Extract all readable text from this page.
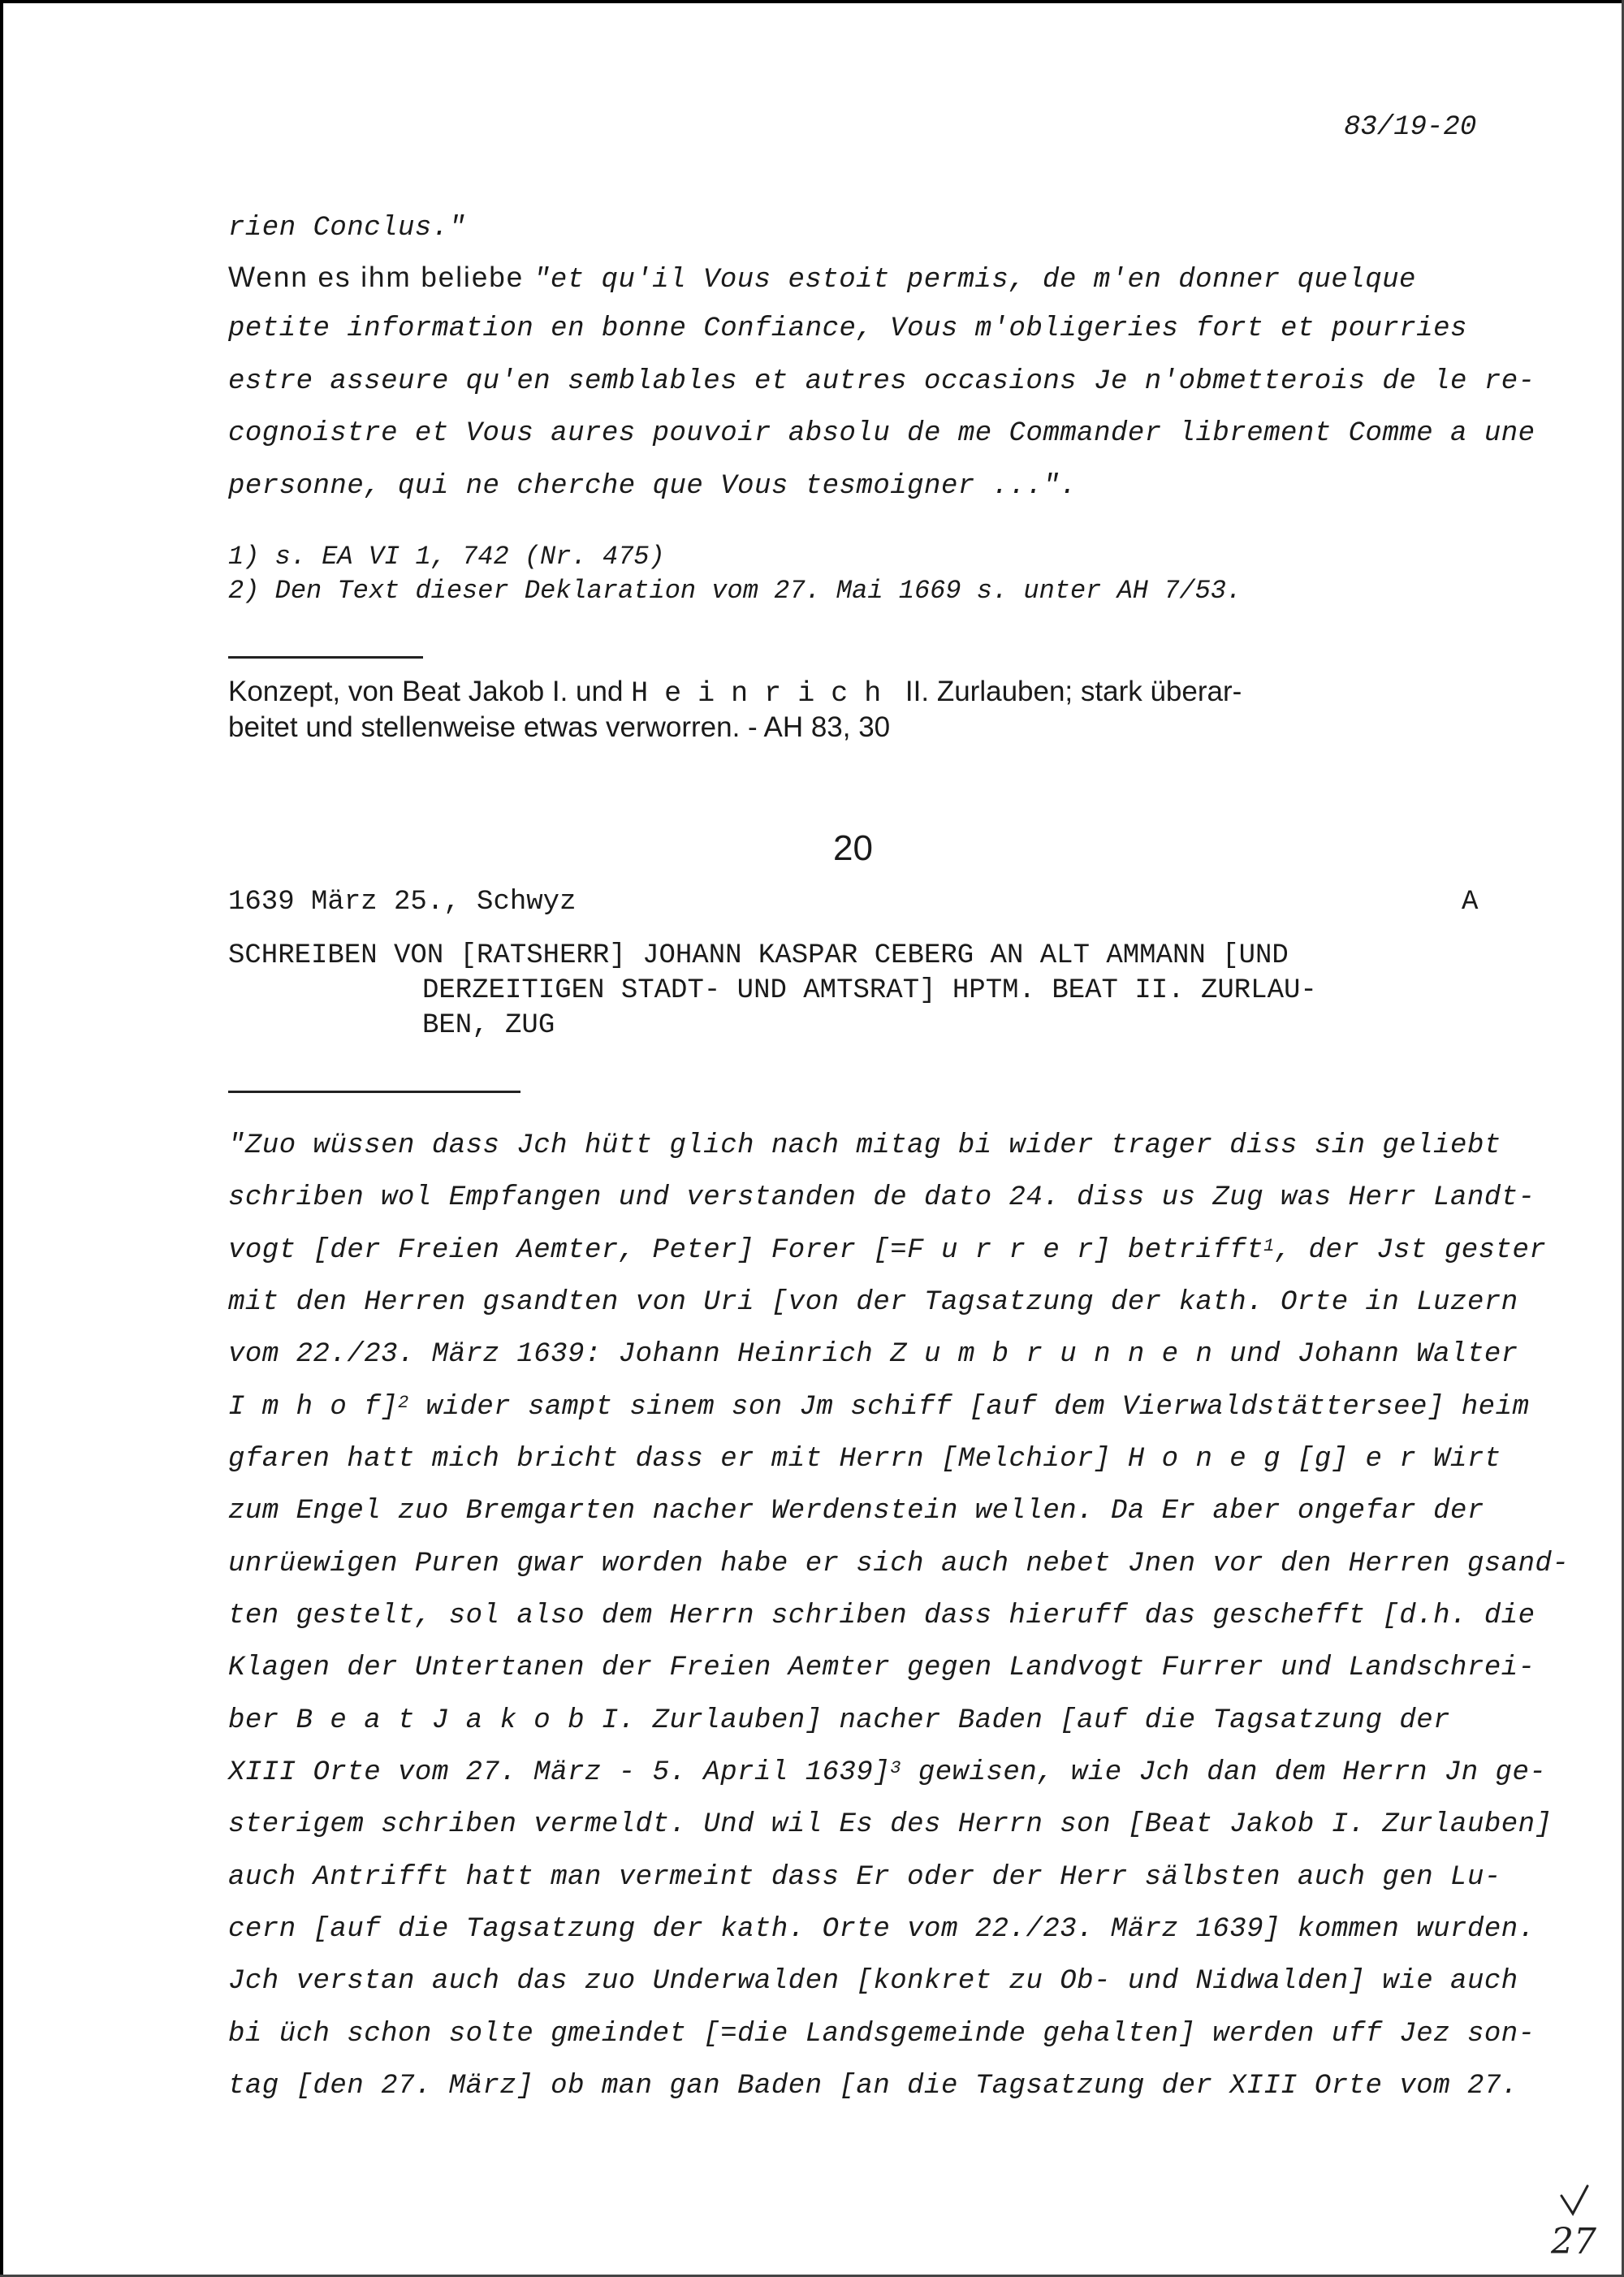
83/19-20
rien Conclus."
Wenn es ihm beliebe "et qu'il Vous estoit permis, de m'en donner quelque
petite information en bonne Confiance, Vous m'obligeries fort et pourries
estre asseure qu'en semblables et autres occasions Je n'obmetterois de le re-
cognoistre et Vous aures pouvoir absolu de me Commander librement Comme a une
personne, qui ne cherche que Vous tesmoigner ...".
1) s. EA VI 1, 742 (Nr. 475)
2) Den Text dieser Deklaration vom 27. Mai 1669 s. unter AH 7/53.
Konzept, von Beat Jakob I. und Heinrich II. Zurlauben; stark überar-
beitet und stellenweise etwas verworren. - AH 83, 30
20
1639 März 25., Schwyz	A
SCHREIBEN VON [RATSHERR] JOHANN KASPAR CEBERG AN ALT AMMANN [UND
DERZEITIGEN STADT- UND AMTSRAT] HPTM. BEAT II. ZURLAU-
BEN, ZUG
"Zuo wüssen dass Jch hütt glich nach mitag bi wider trager diss sin geliebt
schriben wol Empfangen und verstanden de dato 24. diss us Zug was Herr Landt-
vogt [der Freien Aemter, Peter] Forer [=F u r r e r] betrifft$^1$, der Jst gester
mit den Herren gsandten von Uri [von der Tagsatzung der kath. Orte in Luzern
vom 22./23. März 1639: Johann Heinrich Z u m b r u n n e n und Johann Walter
I m h o f]$^2$ wider sampt sinem son Jm schiff [auf dem Vierwaldstättersee] heim
gfaren hatt mich bricht dass er mit Herrn [Melchior] H o n e g [g] e r Wirt
zum Engel zuo Bremgarten nacher Werdenstein wellen. Da Er aber ongefar der
unrüewigen Puren gwar worden habe er sich auch nebet Jnen vor den Herren gsand-
ten gestelt, sol also dem Herrn schriben dass hieruff das geschefft [d.h. die
Klagen der Untertanen der Freien Aemter gegen Landvogt Furrer und Landschrei-
ber B e a t J a k o b I. Zurlauben] nacher Baden [auf die Tagsatzung der
XIII Orte vom 27. März - 5. April 1639]$^3$ gewisen, wie Jch dan dem Herrn Jn ge-
sterigem schriben vermeldt. Und wil Es des Herrn son [Beat Jakob I. Zurlauben]
auch Antrifft hatt man vermeint dass Er oder der Herr sälbsten auch gen Lu-
cern [auf die Tagsatzung der kath. Orte vom 22./23. März 1639] kommen wurden.
Jch verstan auch das zuo Underwalden [konkret zu Ob- und Nidwalden] wie auch
bi üch schon solte gmeindet [=die Landsgemeinde gehalten] werden uff Jez son-
tag [den 27. März] ob man gan Baden [an die Tagsatzung der XIII Orte vom 27.
27
